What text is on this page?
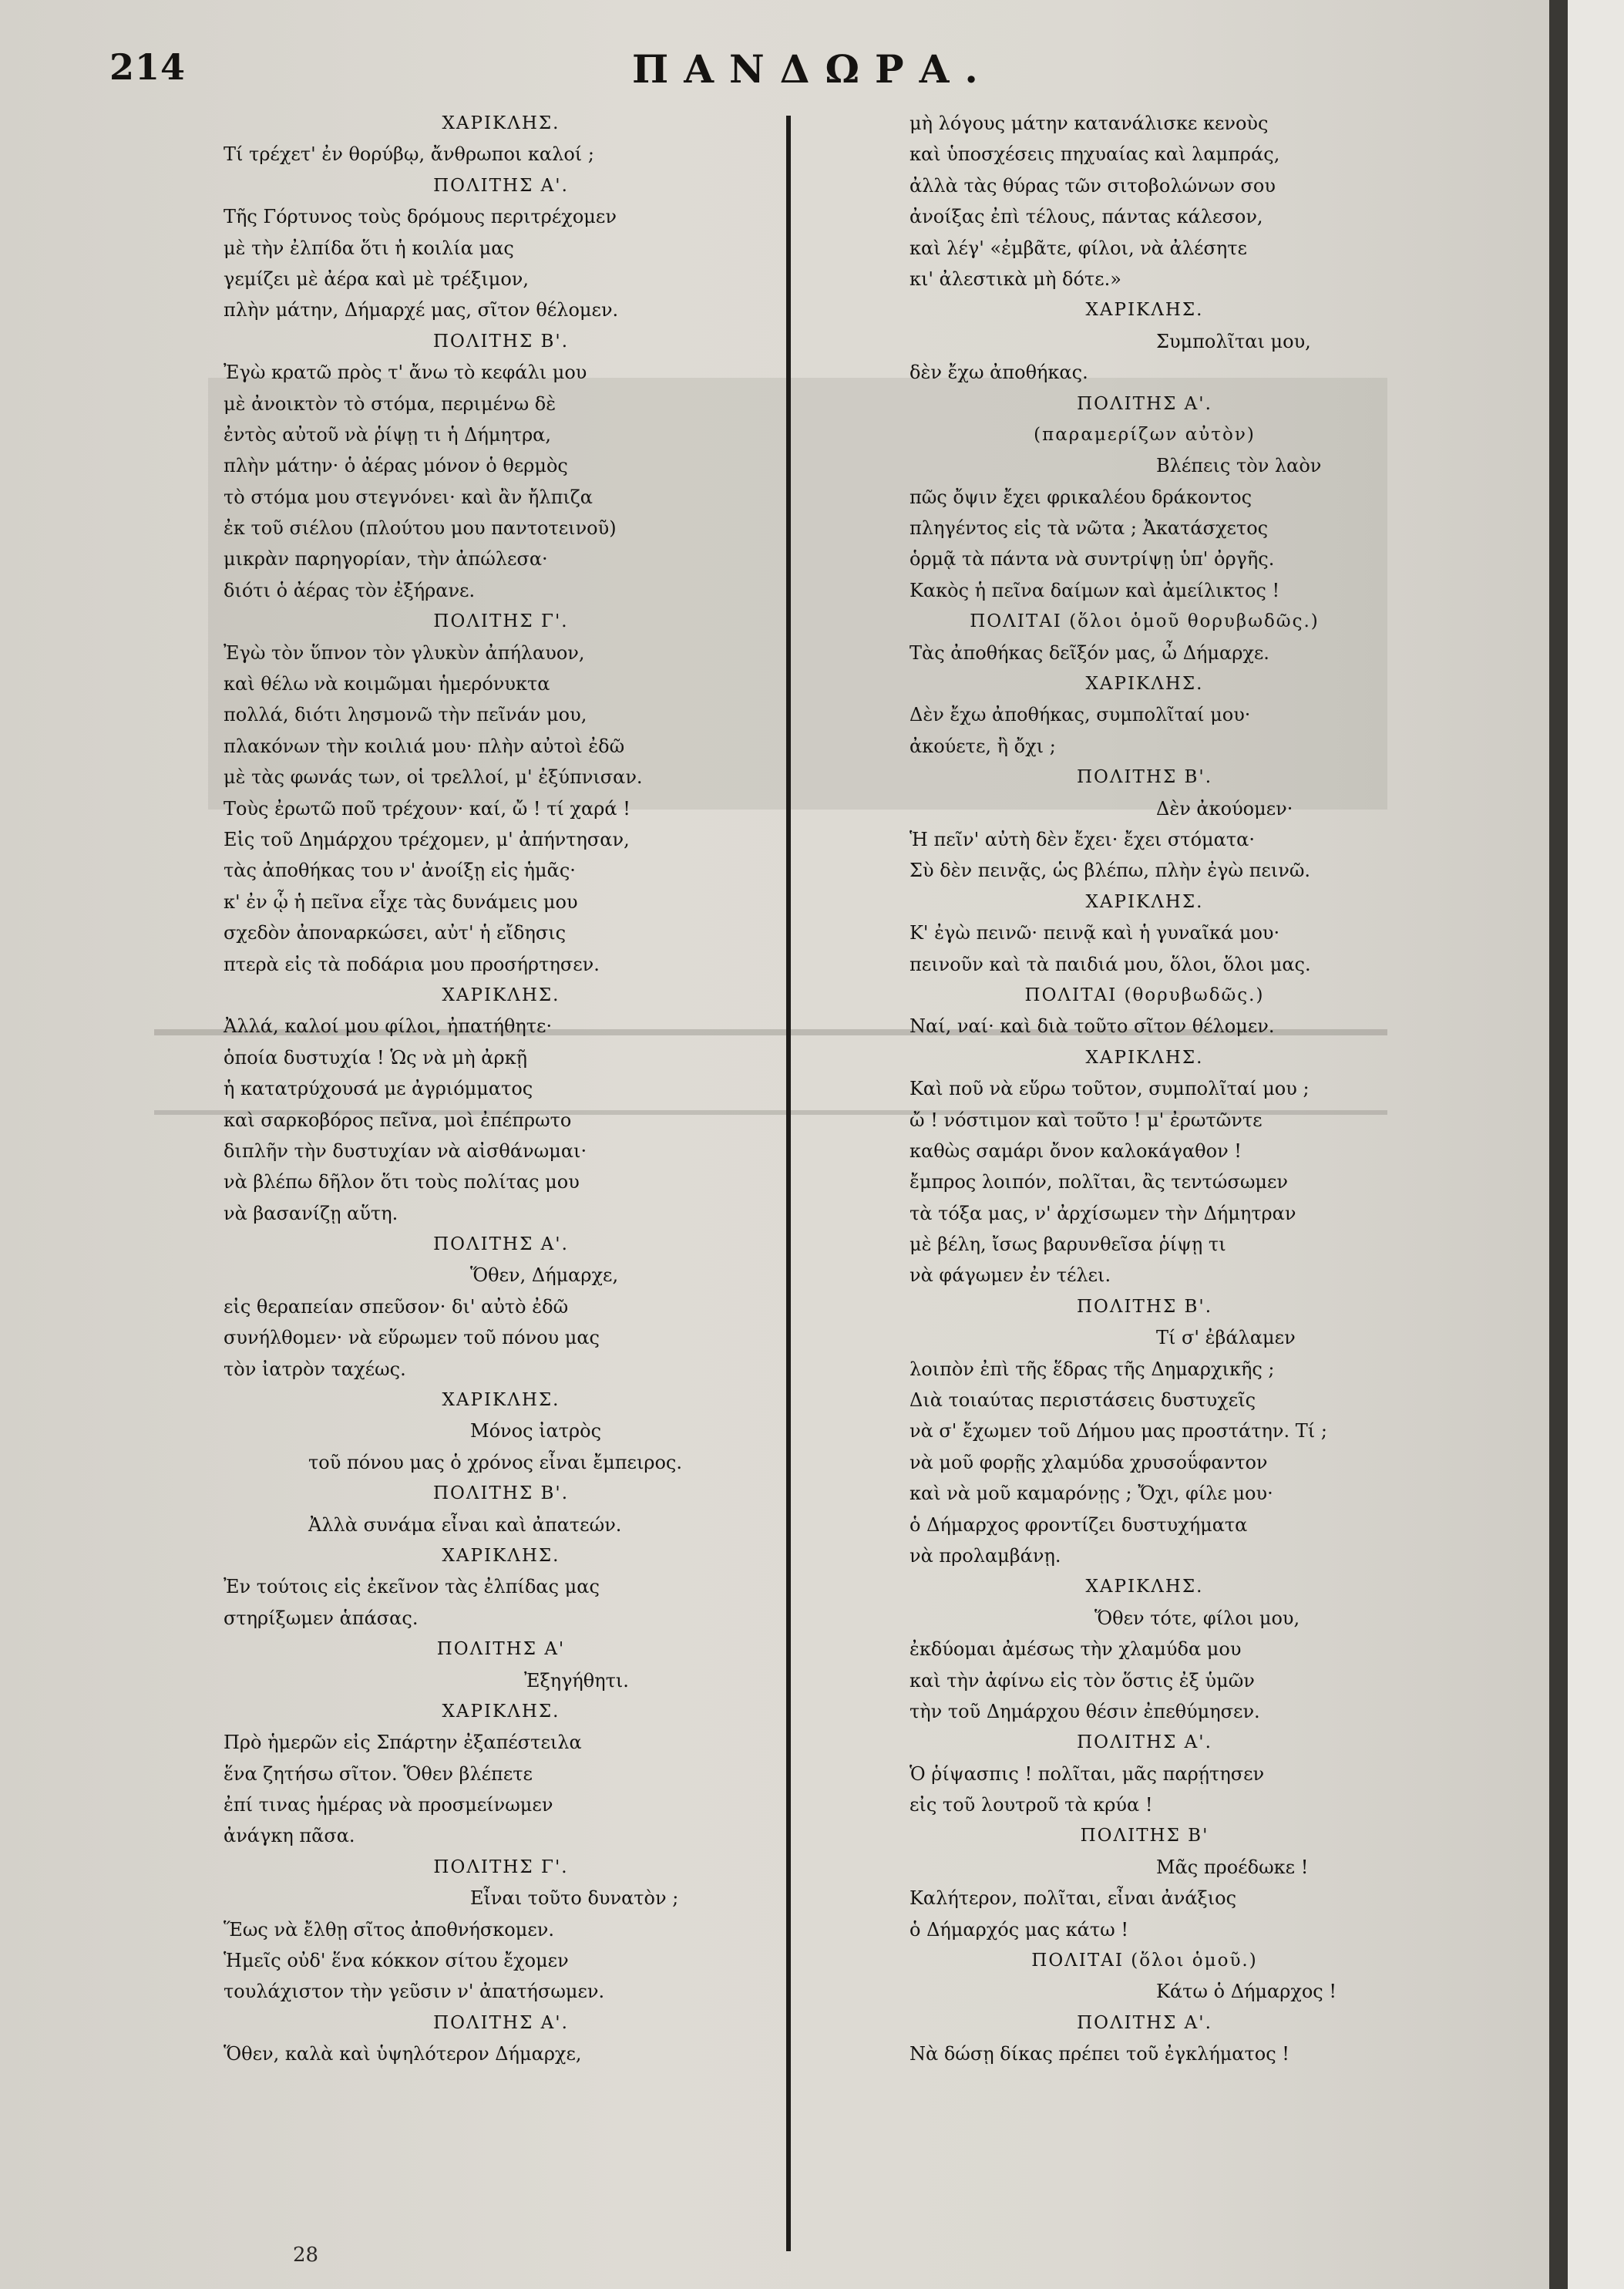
214	ΠΑΝΔΩΡΑ.
ΧΑΡΙΚΛΗΣ.
Τί τρέχετ' ἐν θορύβῳ, ἄνθρωποι καλοί ;
ΠΟΛΙΤΗΣ Α'.
Τῆς Γόρτυνος τοὺς δρόμους περιτρέχομεν
μὲ τὴν ἐλπίδα ὅτι ἡ κοιλία μας
γεμίζει μὲ ἀέρα καὶ μὲ τρέξιμον,
πλὴν μάτην, Δήμαρχέ μας, σῖτον θέλομεν.
ΠΟΛΙΤΗΣ Β'.
Ἐγὼ κρατῶ πρὸς τ' ἄνω τὸ κεφάλι μου
μὲ ἀνοικτὸν τὸ στόμα, περιμένω δὲ
ἐντὸς αὐτοῦ νὰ ῥίψῃ τι ἡ Δήμητρα,
πλὴν μάτην· ὁ ἀέρας μόνον ὁ θερμὸς
τὸ στόμα μου στεγνόνει· καὶ ἂν ἤλπιζα
ἐκ τοῦ σιέλου (πλούτου μου παντοτεινοῦ)
μικρὰν παρηγορίαν, τὴν ἀπώλεσα·
διότι ὁ ἀέρας τὸν ἐξήρανε.
ΠΟΛΙΤΗΣ Γ'.
Ἐγὼ τὸν ὕπνον τὸν γλυκὺν ἀπήλαυον,
καὶ θέλω νὰ κοιμῶμαι ἡμερόνυκτα
πολλά, διότι λησμονῶ τὴν πεῖνάν μου,
πλακόνων τὴν κοιλιά μου· πλὴν αὐτοὶ ἐδῶ
μὲ τὰς φωνάς των, οἱ τρελλοί, μ' ἐξύπνισαν.
Τοὺς ἐρωτῶ ποῦ τρέχουν· καί, ὤ ! τί χαρά !
Εἰς τοῦ Δημάρχου τρέχομεν, μ' ἀπήντησαν,
τὰς ἀποθήκας του ν' ἀνοίξῃ εἰς ἡμᾶς·
κ' ἐν ᾧ ἡ πεῖνα εἶχε τὰς δυνάμεις μου
σχεδὸν ἀποναρκώσει, αὐτ' ἡ εἴδησις
πτερὰ εἰς τὰ ποδάρια μου προσήρτησεν.
ΧΑΡΙΚΛΗΣ.
Ἀλλά, καλοί μου φίλοι, ἠπατήθητε·
ὁποία δυστυχία ! Ὡς νὰ μὴ ἀρκῇ
ἡ κατατρύχουσά με ἀγριόμματος
καὶ σαρκοβόρος πεῖνα, μοὶ ἐπέπρωτο
διπλῆν τὴν δυστυχίαν νὰ αἰσθάνωμαι·
νὰ βλέπω δῆλον ὅτι τοὺς πολίτας μου
νὰ βασανίζῃ αὕτη.
ΠΟΛΙΤΗΣ Α'.
Ὅθεν, Δήμαρχε,
εἰς θεραπείαν σπεῦσον· δι' αὐτὸ ἐδῶ
συνήλθομεν· νὰ εὕρωμεν τοῦ πόνου μας
τὸν ἰατρὸν ταχέως.
ΧΑΡΙΚΛΗΣ.
Μόνος ἰατρὸς
τοῦ πόνου μας ὁ χρόνος εἶναι ἔμπειρος.
ΠΟΛΙΤΗΣ Β'.
Ἀλλὰ συνάμα εἶναι καὶ ἀπατεών.
ΧΑΡΙΚΛΗΣ.
Ἐν τούτοις εἰς ἐκεῖνον τὰς ἐλπίδας μας
στηρίξωμεν ἁπάσας.
ΠΟΛΙΤΗΣ Α'
Ἐξηγήθητι.
ΧΑΡΙΚΛΗΣ.
Πρὸ ἡμερῶν εἰς Σπάρτην ἐξαπέστειλα
ἕνα ζητήσω σῖτον. Ὅθεν βλέπετε
ἐπί τινας ἡμέρας νὰ προσμείνωμεν
ἀνάγκη πᾶσα.
ΠΟΛΙΤΗΣ Γ'.
Εἶναι τοῦτο δυνατὸν ;
Ἕως νὰ ἔλθῃ σῖτος ἀποθνήσκομεν.
Ἡμεῖς οὐδ' ἕνα κόκκον σίτου ἔχομεν
τουλάχιστον τὴν γεῦσιν ν' ἀπατήσωμεν.
ΠΟΛΙΤΗΣ Α'.
Ὅθεν, καλὰ καὶ ὑψηλότερον Δήμαρχε,
μὴ λόγους μάτην κατανάλισκε κενοὺς
καὶ ὑποσχέσεις πηχυαίας καὶ λαμπράς,
ἀλλὰ τὰς θύρας τῶν σιτοβολώνων σου
ἀνοίξας ἐπὶ τέλους, πάντας κάλεσον,
καὶ λέγ' «ἐμβᾶτε, φίλοι, νὰ ἀλέσητε
κι' ἀλεστικὰ μὴ δότε.»
ΧΑΡΙΚΛΗΣ.
Συμπολῖται μου,
δὲν ἔχω ἀποθήκας.
ΠΟΛΙΤΗΣ Α'.
(παραμερίζων αὐτὸν)
Βλέπεις τὸν λαὸν
πῶς ὄψιν ἔχει φρικαλέου δράκοντος
πληγέντος εἰς τὰ νῶτα ; Ἀκατάσχετος
ὁρμᾷ τὰ πάντα νὰ συντρίψῃ ὑπ' ὀργῆς.
Κακὸς ἡ πεῖνα δαίμων καὶ ἀμείλικτος !
ΠΟΛΙΤΑΙ (ὅλοι ὁμοῦ θορυβωδῶς.)
Τὰς ἀποθήκας δεῖξόν μας, ὦ Δήμαρχε.
ΧΑΡΙΚΛΗΣ.
Δὲν ἔχω ἀποθήκας, συμπολῖταί μου·
ἀκούετε, ἢ ὄχι ;
ΠΟΛΙΤΗΣ Β'.
Δὲν ἀκούομεν·
Ἡ πεῖν' αὐτὴ δὲν ἔχει· ἔχει στόματα·
Σὺ δὲν πεινᾷς, ὡς βλέπω, πλὴν ἐγὼ πεινῶ.
ΧΑΡΙΚΛΗΣ.
Κ' ἐγὼ πεινῶ· πεινᾷ καὶ ἡ γυναῖκά μου·
πεινοῦν καὶ τὰ παιδιά μου, ὅλοι, ὅλοι μας.
ΠΟΛΙΤΑΙ (θορυβωδῶς.)
Ναί, ναί· καὶ διὰ τοῦτο σῖτον θέλομεν.
ΧΑΡΙΚΛΗΣ.
Καὶ ποῦ νὰ εὕρω τοῦτον, συμπολῖταί μου ;
ὤ ! νόστιμον καὶ τοῦτο ! μ' ἐρωτῶντε
καθὼς σαμάρι ὄνον καλοκάγαθον !
ἔμπρος λοιπόν, πολῖται, ἂς τεντώσωμεν
τὰ τόξα μας, ν' ἀρχίσωμεν τὴν Δήμητραν
μὲ βέλη, ἴσως βαρυνθεῖσα ῥίψῃ τι
νὰ φάγωμεν ἐν τέλει.
ΠΟΛΙΤΗΣ Β'.
Τί σ' ἐβάλαμεν
λοιπὸν ἐπὶ τῆς ἕδρας τῆς Δημαρχικῆς ;
Διὰ τοιαύτας περιστάσεις δυστυχεῖς
νὰ σ' ἔχωμεν τοῦ Δήμου μας προστάτην. Τί ;
νὰ μοῦ φορῇς χλαμύδα χρυσοΰφαντον
καὶ νὰ μοῦ καμαρόνῃς ; Ὄχι, φίλε μου·
ὁ Δήμαρχος φροντίζει δυστυχήματα
νὰ προλαμβάνῃ.
ΧΑΡΙΚΛΗΣ.
Ὅθεν τότε, φίλοι μου,
ἐκδύομαι ἀμέσως τὴν χλαμύδα μου
καὶ τὴν ἀφίνω εἰς τὸν ὅστις ἐξ ὑμῶν
τὴν τοῦ Δημάρχου θέσιν ἐπεθύμησεν.
ΠΟΛΙΤΗΣ Α'.
Ὁ ῥίψασπις ! πολῖται, μᾶς παρῄτησεν
εἰς τοῦ λουτροῦ τὰ κρύα !
ΠΟΛΙΤΗΣ Β'
Μᾶς προέδωκε !
Καλήτερον, πολῖται, εἶναι ἀνάξιος
ὁ Δήμαρχός μας κάτω !
ΠΟΛΙΤΑΙ (ὅλοι ὁμοῦ.)
Κάτω ὁ Δήμαρχος !
ΠΟΛΙΤΗΣ Α'.
Νὰ δώσῃ δίκας πρέπει τοῦ ἐγκλήματος !
28
